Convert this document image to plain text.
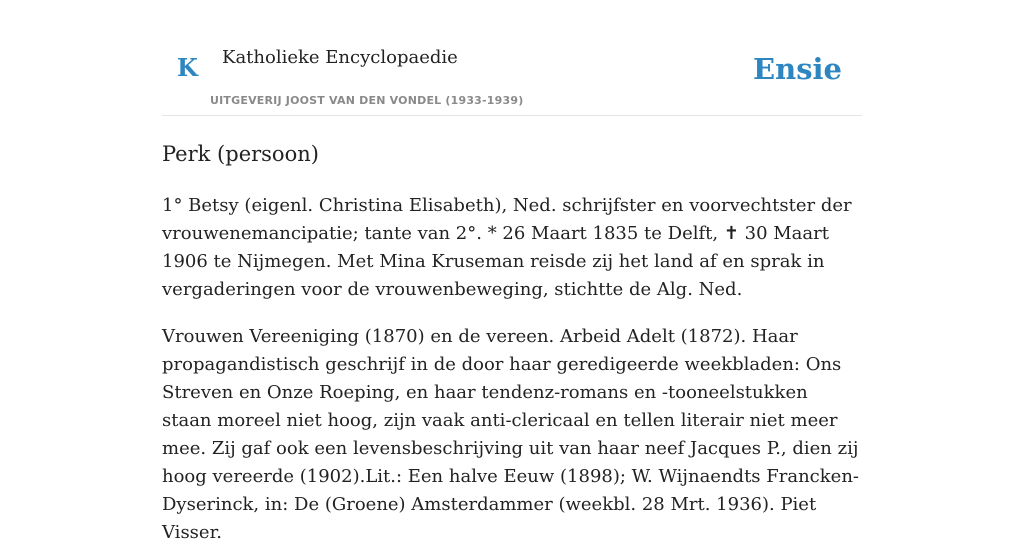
K Katholieke Encyclopaedie
UITGEVERIJ JOOST VAN DEN VONDEL (1933-1939)
Ensie
Perk (persoon)

1° Betsy (eigenl. Christina Elisabeth), Ned. schrijfster en voorvechtster der vrouwenemancipatie; tante van 2°. * 26 Maart 1835 te Delft, ✝ 30 Maart 1906 te Nijmegen. Met Mina Kruseman reisde zij het land af en sprak in vergaderingen voor de vrouwenbeweging, stichtte de Alg. Ned.

Vrouwen Vereeniging (1870) en de vereen. Arbeid Adelt (1872). Haar propagandistisch geschrijf in de door haar geredigeerde weekbladen: Ons Streven en Onze Roeping, en haar tendenz-romans en -tooneelstukken staan moreel niet hoog, zijn vaak anti-clericaal en tellen literair niet meer mee. Zij gaf ook een levensbeschrijving uit van haar neef Jacques P., dien zij hoog vereerde (1902).Lit.: Een halve Eeuw (1898); W. Wijnaendts Francken-Dyserinck, in: De (Groene) Amsterdammer (weekbl. 28 Mrt. 1936). Piet Visser.
